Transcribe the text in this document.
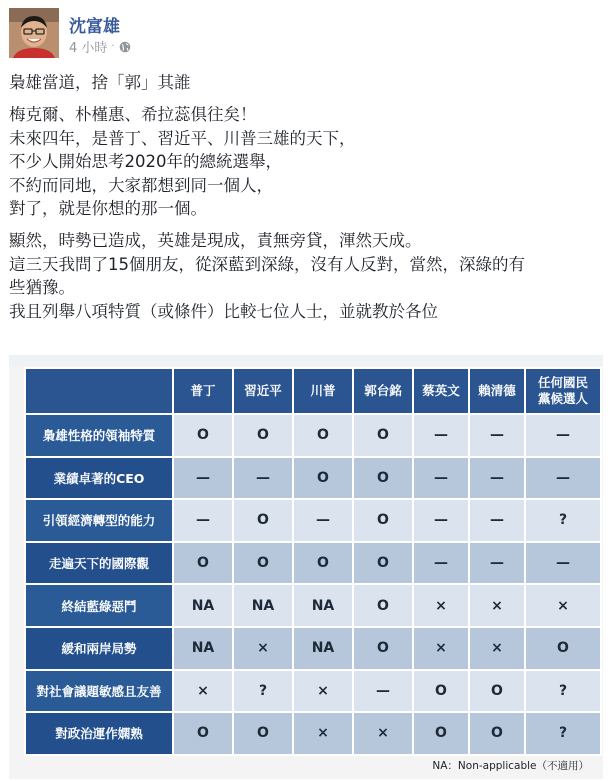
沈富雄
4 小時 ·

梟雄當道，捨「郭」其誰

梅克爾、朴槿惠、希拉蕊俱往矣！

未來四年，是普丁、習近平、川普三雄的天下，

不少人開始思考2020年的總統選舉，

不約而同地，大家都想到同一個人，

對了，就是你想的那一個。

顯然，時勢已造成，英雄是現成，責無旁貸，渾然天成。

這三天我問了15個朋友，從深藍到深綠，沒有人反對，當然，深綠的有

些猶豫。

我且列舉八項特質（或條件）比較七位人士，並就教於各位

	普丁	習近平	川普	郭台銘	蔡英文	賴清德	任何國民黨候選人
梟雄性格的領袖特質	O	O	O	O	—	—	—
業績卓著的CEO	—	—	O	O	—	—	—
引領經濟轉型的能力	—	O	—	O	—	—	?
走遍天下的國際觀	O	O	O	O	—	—	—
終結藍綠惡鬥	NA	NA	NA	O	×	×	×
緩和兩岸局勢	NA	×	NA	O	×	×	O
對社會議題敏感且友善	×	?	×	—	O	O	?
對政治運作嫻熟	O	O	×	×	O	O	?
NA：Non-applicable（不適用）
